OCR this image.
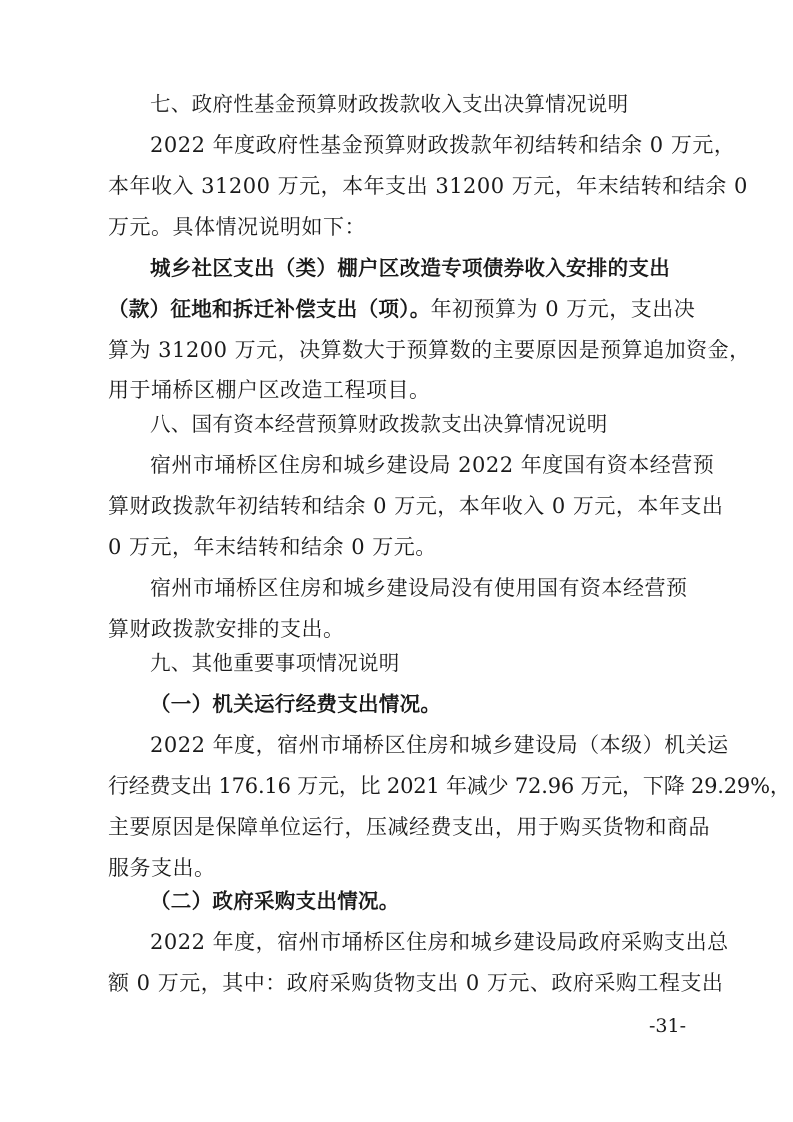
七、政府性基金预算财政拨款收入支出决算情况说明
2022 年度政府性基金预算财政拨款年初结转和结余 0 万元，
本年收入 31200 万元，本年支出 31200 万元，年末结转和结余 0
万元。具体情况说明如下：
城乡社区支出（类）棚户区改造专项债券收入安排的支出
（款）征地和拆迁补偿支出（项）。年初预算为 0 万元，支出决
算为 31200 万元，决算数大于预算数的主要原因是预算追加资金，
用于埇桥区棚户区改造工程项目。
八、国有资本经营预算财政拨款支出决算情况说明
宿州市埇桥区住房和城乡建设局 2022 年度国有资本经营预
算财政拨款年初结转和结余 0 万元，本年收入 0 万元，本年支出
0 万元，年末结转和结余 0 万元。
宿州市埇桥区住房和城乡建设局没有使用国有资本经营预
算财政拨款安排的支出。
九、其他重要事项情况说明
（一）机关运行经费支出情况。
2022 年度，宿州市埇桥区住房和城乡建设局（本级）机关运
行经费支出 176.16 万元，比 2021 年减少 72.96 万元，下降 29.29%，
主要原因是保障单位运行，压减经费支出，用于购买货物和商品
服务支出。
（二）政府采购支出情况。
2022 年度，宿州市埇桥区住房和城乡建设局政府采购支出总
额 0 万元，其中：政府采购货物支出 0 万元、政府采购工程支出
-31-
